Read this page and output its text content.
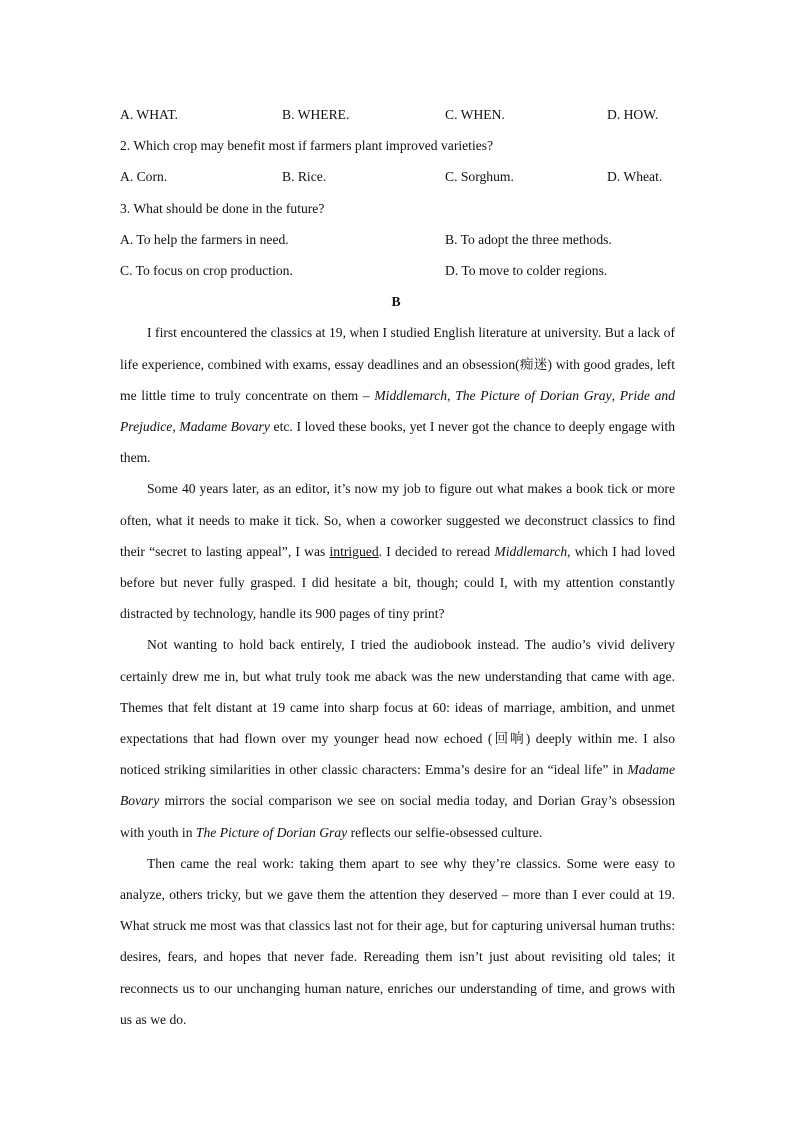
A. WHAT.	B. WHERE.	C. WHEN.	D. HOW.
2. Which crop may benefit most if farmers plant improved varieties?
A. Corn.	B. Rice.	C. Sorghum.	D. Wheat.
3. What should be done in the future?
A. To help the farmers in need.	B. To adopt the three methods.
C. To focus on crop production.	D. To move to colder regions.
B

I first encountered the classics at 19, when I studied English literature at university. But a lack of life experience, combined with exams, essay deadlines and an obsession(痴迷) with good grades, left me little time to truly concentrate on them – Middlemarch, The Picture of Dorian Gray, Pride and Prejudice, Madame Bovary etc. I loved these books, yet I never got the chance to deeply engage with them.

Some 40 years later, as an editor, it’s now my job to figure out what makes a book tick or more often, what it needs to make it tick. So, when a coworker suggested we deconstruct classics to find their “secret to lasting appeal”, I was intrigued. I decided to reread Middlemarch, which I had loved before but never fully grasped. I did hesitate a bit, though; could I, with my attention constantly distracted by technology, handle its 900 pages of tiny print?

Not wanting to hold back entirely, I tried the audiobook instead. The audio’s vivid delivery certainly drew me in, but what truly took me aback was the new understanding that came with age. Themes that felt distant at 19 came into sharp focus at 60: ideas of marriage, ambition, and unmet expectations that had flown over my younger head now echoed (回响) deeply within me. I also noticed striking similarities in other classic characters: Emma’s desire for an “ideal life” in Madame Bovary mirrors the social comparison we see on social media today, and Dorian Gray’s obsession with youth in The Picture of Dorian Gray reflects our selfie-obsessed culture.

Then came the real work: taking them apart to see why they’re classics. Some were easy to analyze, others tricky, but we gave them the attention they deserved – more than I ever could at 19. What struck me most was that classics last not for their age, but for capturing universal human truths: desires, fears, and hopes that never fade. Rereading them isn’t just about revisiting old tales; it reconnects us to our unchanging human nature, enriches our understanding of time, and grows with us as we do.
